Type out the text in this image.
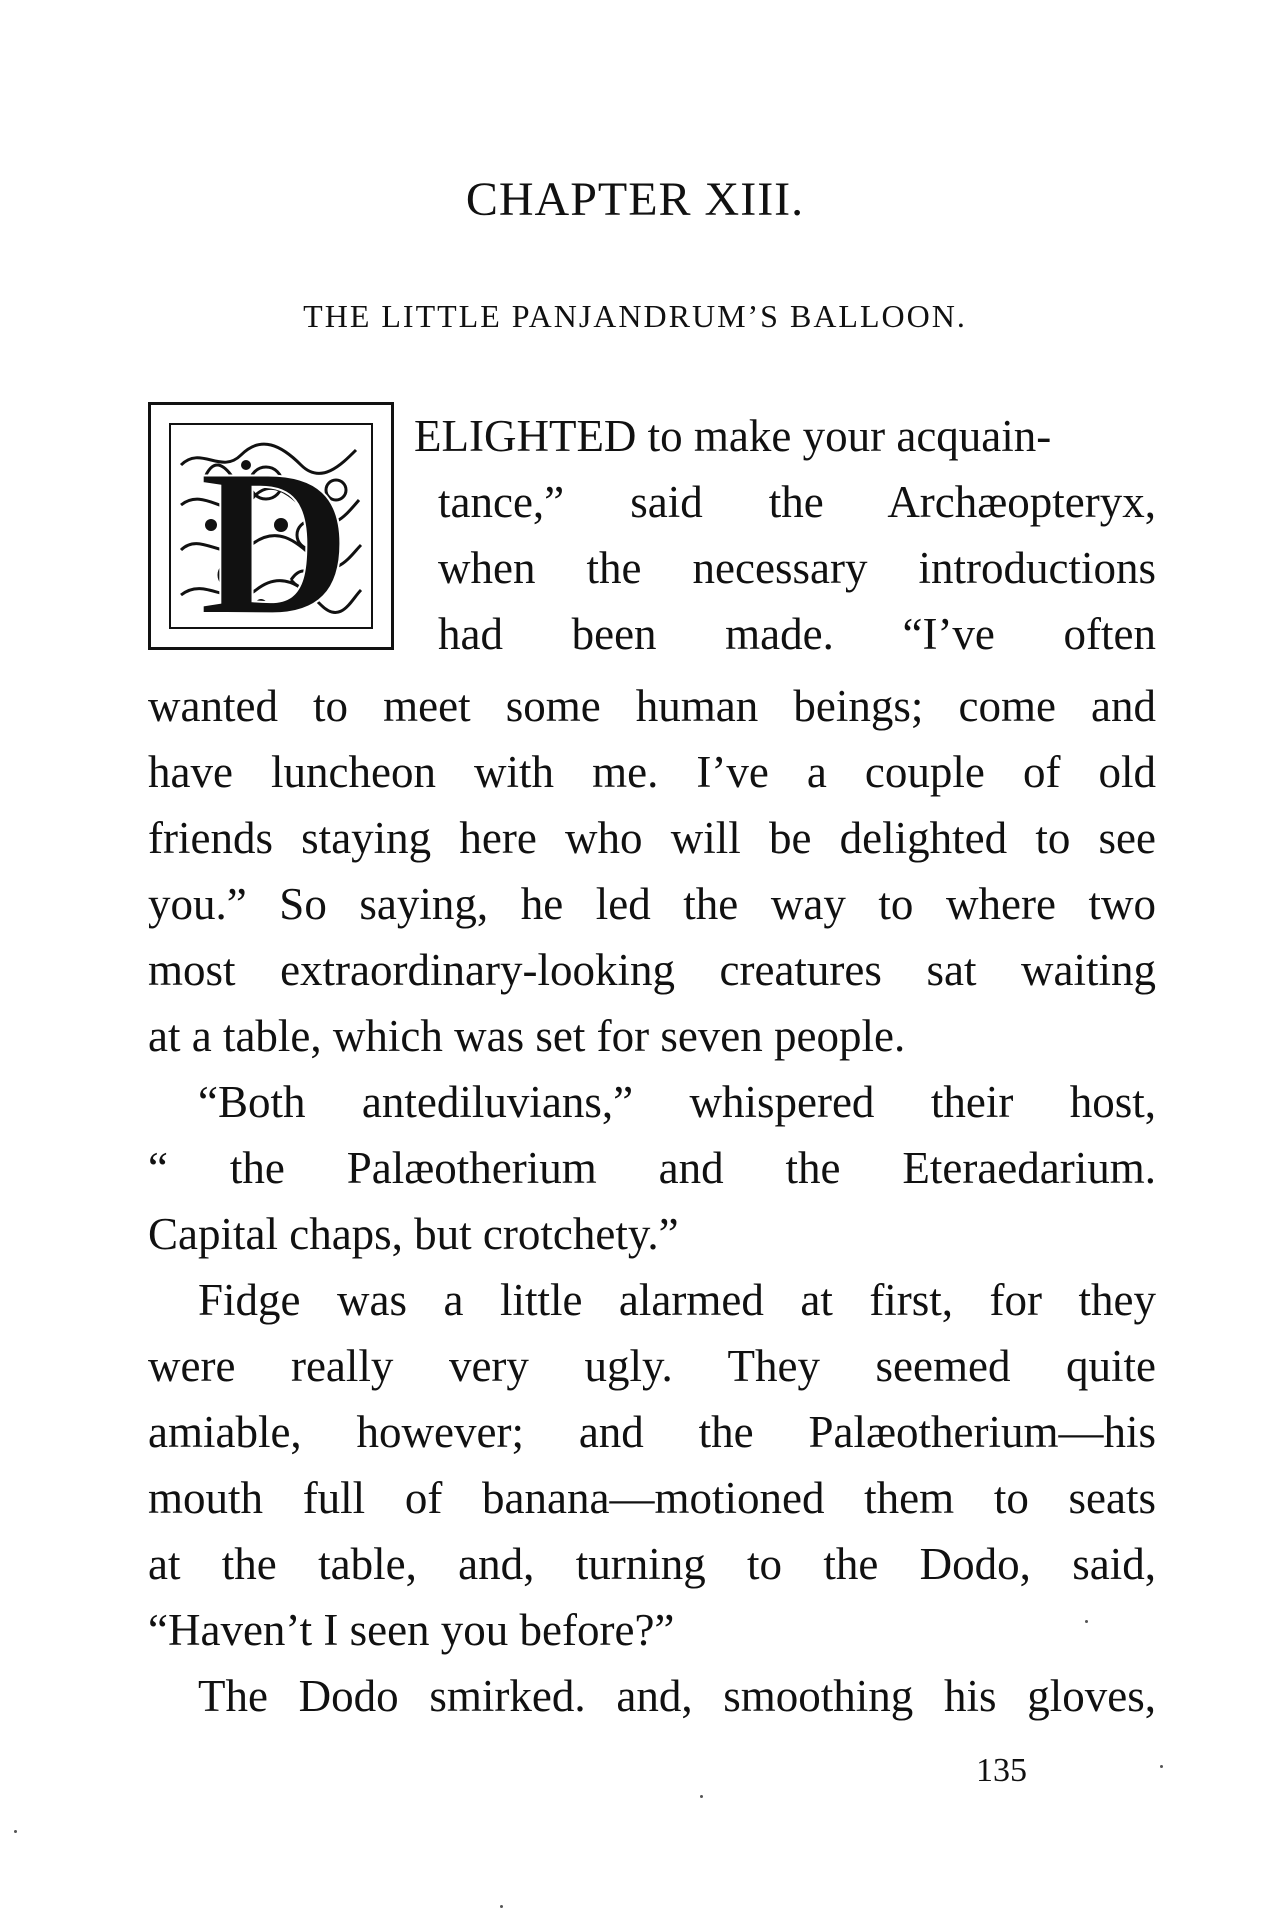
CHAPTER XIII.
THE LITTLE PANJANDRUM’S BALLOON.
D ELIGHTED to make your acquain-
tance,” said the Archæopteryx,
when the necessary introductions
had been made. “I’ve often
wanted to meet some human beings; come and
have luncheon with me. I’ve a couple of old
friends staying here who will be delighted to see
you.” So saying, he led the way to where two
most extraordinary-looking creatures sat waiting
at a table, which was set for seven people.
“Both antediluvians,” whispered their host,
“ the Palæotherium and the Eteraedarium.
Capital chaps, but crotchety.”
Fidge was a little alarmed at first, for they
were really very ugly. They seemed quite
amiable, however; and the Palæotherium—his
mouth full of banana—motioned them to seats
at the table, and, turning to the Dodo, said,
“Haven’t I seen you before?”
The Dodo smirked. and, smoothing his gloves,
135
